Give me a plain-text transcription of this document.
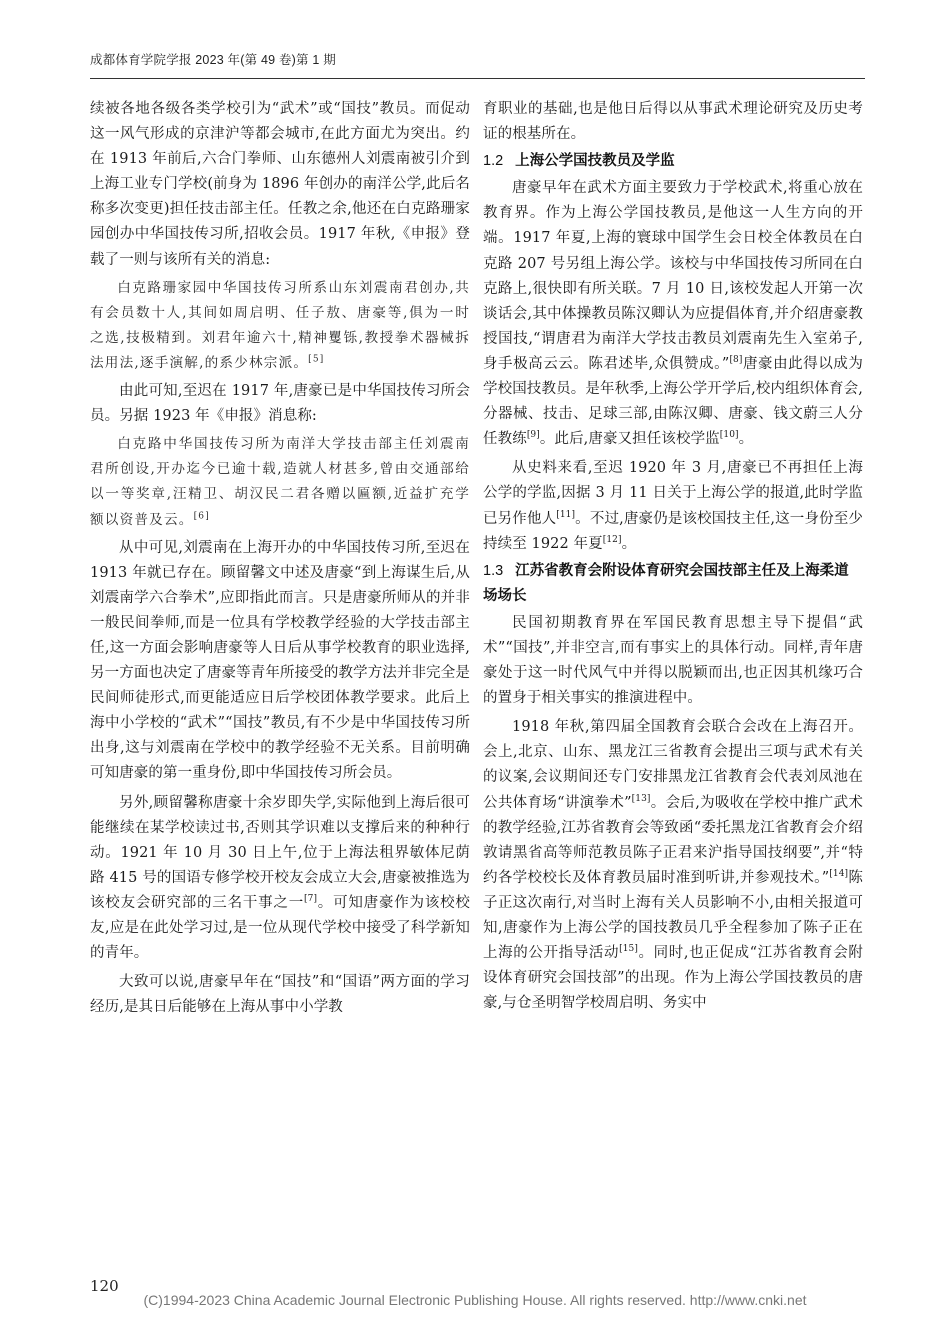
成都体育学院学报 2023 年(第 49 卷)第 1 期

续被各地各级各类学校引为“武术”或“国技”教员。而促动这一风气形成的京津沪等都会城市,在此方面尤为突出。约在 1913 年前后,六合门拳师、山东德州人刘震南被引介到上海工业专门学校(前身为 1896 年创办的南洋公学,此后名称多次变更)担任技击部主任。任教之余,他还在白克路珊家园创办中华国技传习所,招收会员。1917 年秋,《申报》登载了一则与该所有关的消息:

白克路珊家园中华国技传习所系山东刘震南君创办,共有会员数十人,其间如周启明、任子敖、唐豪等,俱为一时之选,技极精到。刘君年逾六十,精神矍铄,教授拳术器械拆法用法,逐手演解,的系少林宗派。[5]

由此可知,至迟在 1917 年,唐豪已是中华国技传习所会员。另据 1923 年《申报》消息称:

白克路中华国技传习所为南洋大学技击部主任刘震南君所创设,开办迄今已逾十载,造就人材甚多,曾由交通部给以一等奖章,汪精卫、胡汉民二君各赠以匾额,近益扩充学额以资普及云。[6]

从中可见,刘震南在上海开办的中华国技传习所,至迟在 1913 年就已存在。顾留馨文中述及唐豪“到上海谋生后,从刘震南学六合拳术”,应即指此而言。只是唐豪所师从的并非一般民间拳师,而是一位具有学校教学经验的大学技击部主任,这一方面会影响唐豪等人日后从事学校教育的职业选择,另一方面也决定了唐豪等青年所接受的教学方法并非完全是民间师徒形式,而更能适应日后学校团体教学要求。此后上海中小学校的“武术”“国技”教员,有不少是中华国技传习所出身,这与刘震南在学校中的教学经验不无关系。目前明确可知唐豪的第一重身份,即中华国技传习所会员。

另外,顾留馨称唐豪十余岁即失学,实际他到上海后很可能继续在某学校读过书,否则其学识难以支撑后来的种种行动。1921 年 10 月 30 日上午,位于上海法租界敏体尼荫路 415 号的国语专修学校开校友会成立大会,唐豪被推选为该校友会研究部的三名干事之一[7]。可知唐豪作为该校校友,应是在此处学习过,是一位从现代学校中接受了科学新知的青年。

大致可以说,唐豪早年在“国技”和“国语”两方面的学习经历,是其日后能够在上海从事中小学教

育职业的基础,也是他日后得以从事武术理论研究及历史考证的根基所在。

1.2 上海公学国技教员及学监

唐豪早年在武术方面主要致力于学校武术,将重心放在教育界。作为上海公学国技教员,是他这一人生方向的开端。1917 年夏,上海的寰球中国学生会日校全体教员在白克路 207 号另组上海公学。该校与中华国技传习所同在白克路上,很快即有所关联。7 月 10 日,该校发起人开第一次谈话会,其中体操教员陈汉卿认为应提倡体育,并介绍唐豪教授国技,“谓唐君为南洋大学技击教员刘震南先生入室弟子,身手极高云云。陈君述毕,众俱赞成。”[8]唐豪由此得以成为学校国技教员。是年秋季,上海公学开学后,校内组织体育会,分器械、技击、足球三部,由陈汉卿、唐豪、钱文蔚三人分任教练[9]。此后,唐豪又担任该校学监[10]。

从史料来看,至迟 1920 年 3 月,唐豪已不再担任上海公学的学监,因据 3 月 11 日关于上海公学的报道,此时学监已另作他人[11]。不过,唐豪仍是该校国技主任,这一身份至少持续至 1922 年夏[12]。

1.3 江苏省教育会附设体育研究会国技部主任及上海柔道场场长

民国初期教育界在军国民教育思想主导下提倡“武术”“国技”,并非空言,而有事实上的具体行动。同样,青年唐豪处于这一时代风气中并得以脱颖而出,也正因其机缘巧合的置身于相关事实的推演进程中。

1918 年秋,第四届全国教育会联合会改在上海召开。会上,北京、山东、黑龙江三省教育会提出三项与武术有关的议案,会议期间还专门安排黑龙江省教育会代表刘凤池在公共体育场“讲演拳术”[13]。会后,为吸收在学校中推广武术的教学经验,江苏省教育会等致函“委托黑龙江省教育会介绍敦请黑省高等师范教员陈子正君来沪指导国技纲要”,并“特约各学校校长及体育教员届时准到听讲,并参观技术。”[14]陈子正这次南行,对当时上海有关人员影响不小,由相关报道可知,唐豪作为上海公学的国技教员几乎全程参加了陈子正在上海的公开指导活动[15]。同时,也正促成“江苏省教育会附设体育研究会国技部”的出现。作为上海公学国技教员的唐豪,与仓圣明智学校周启明、务实中

120
(C)1994-2023 China Academic Journal Electronic Publishing House. All rights reserved. http://www.cnki.net
